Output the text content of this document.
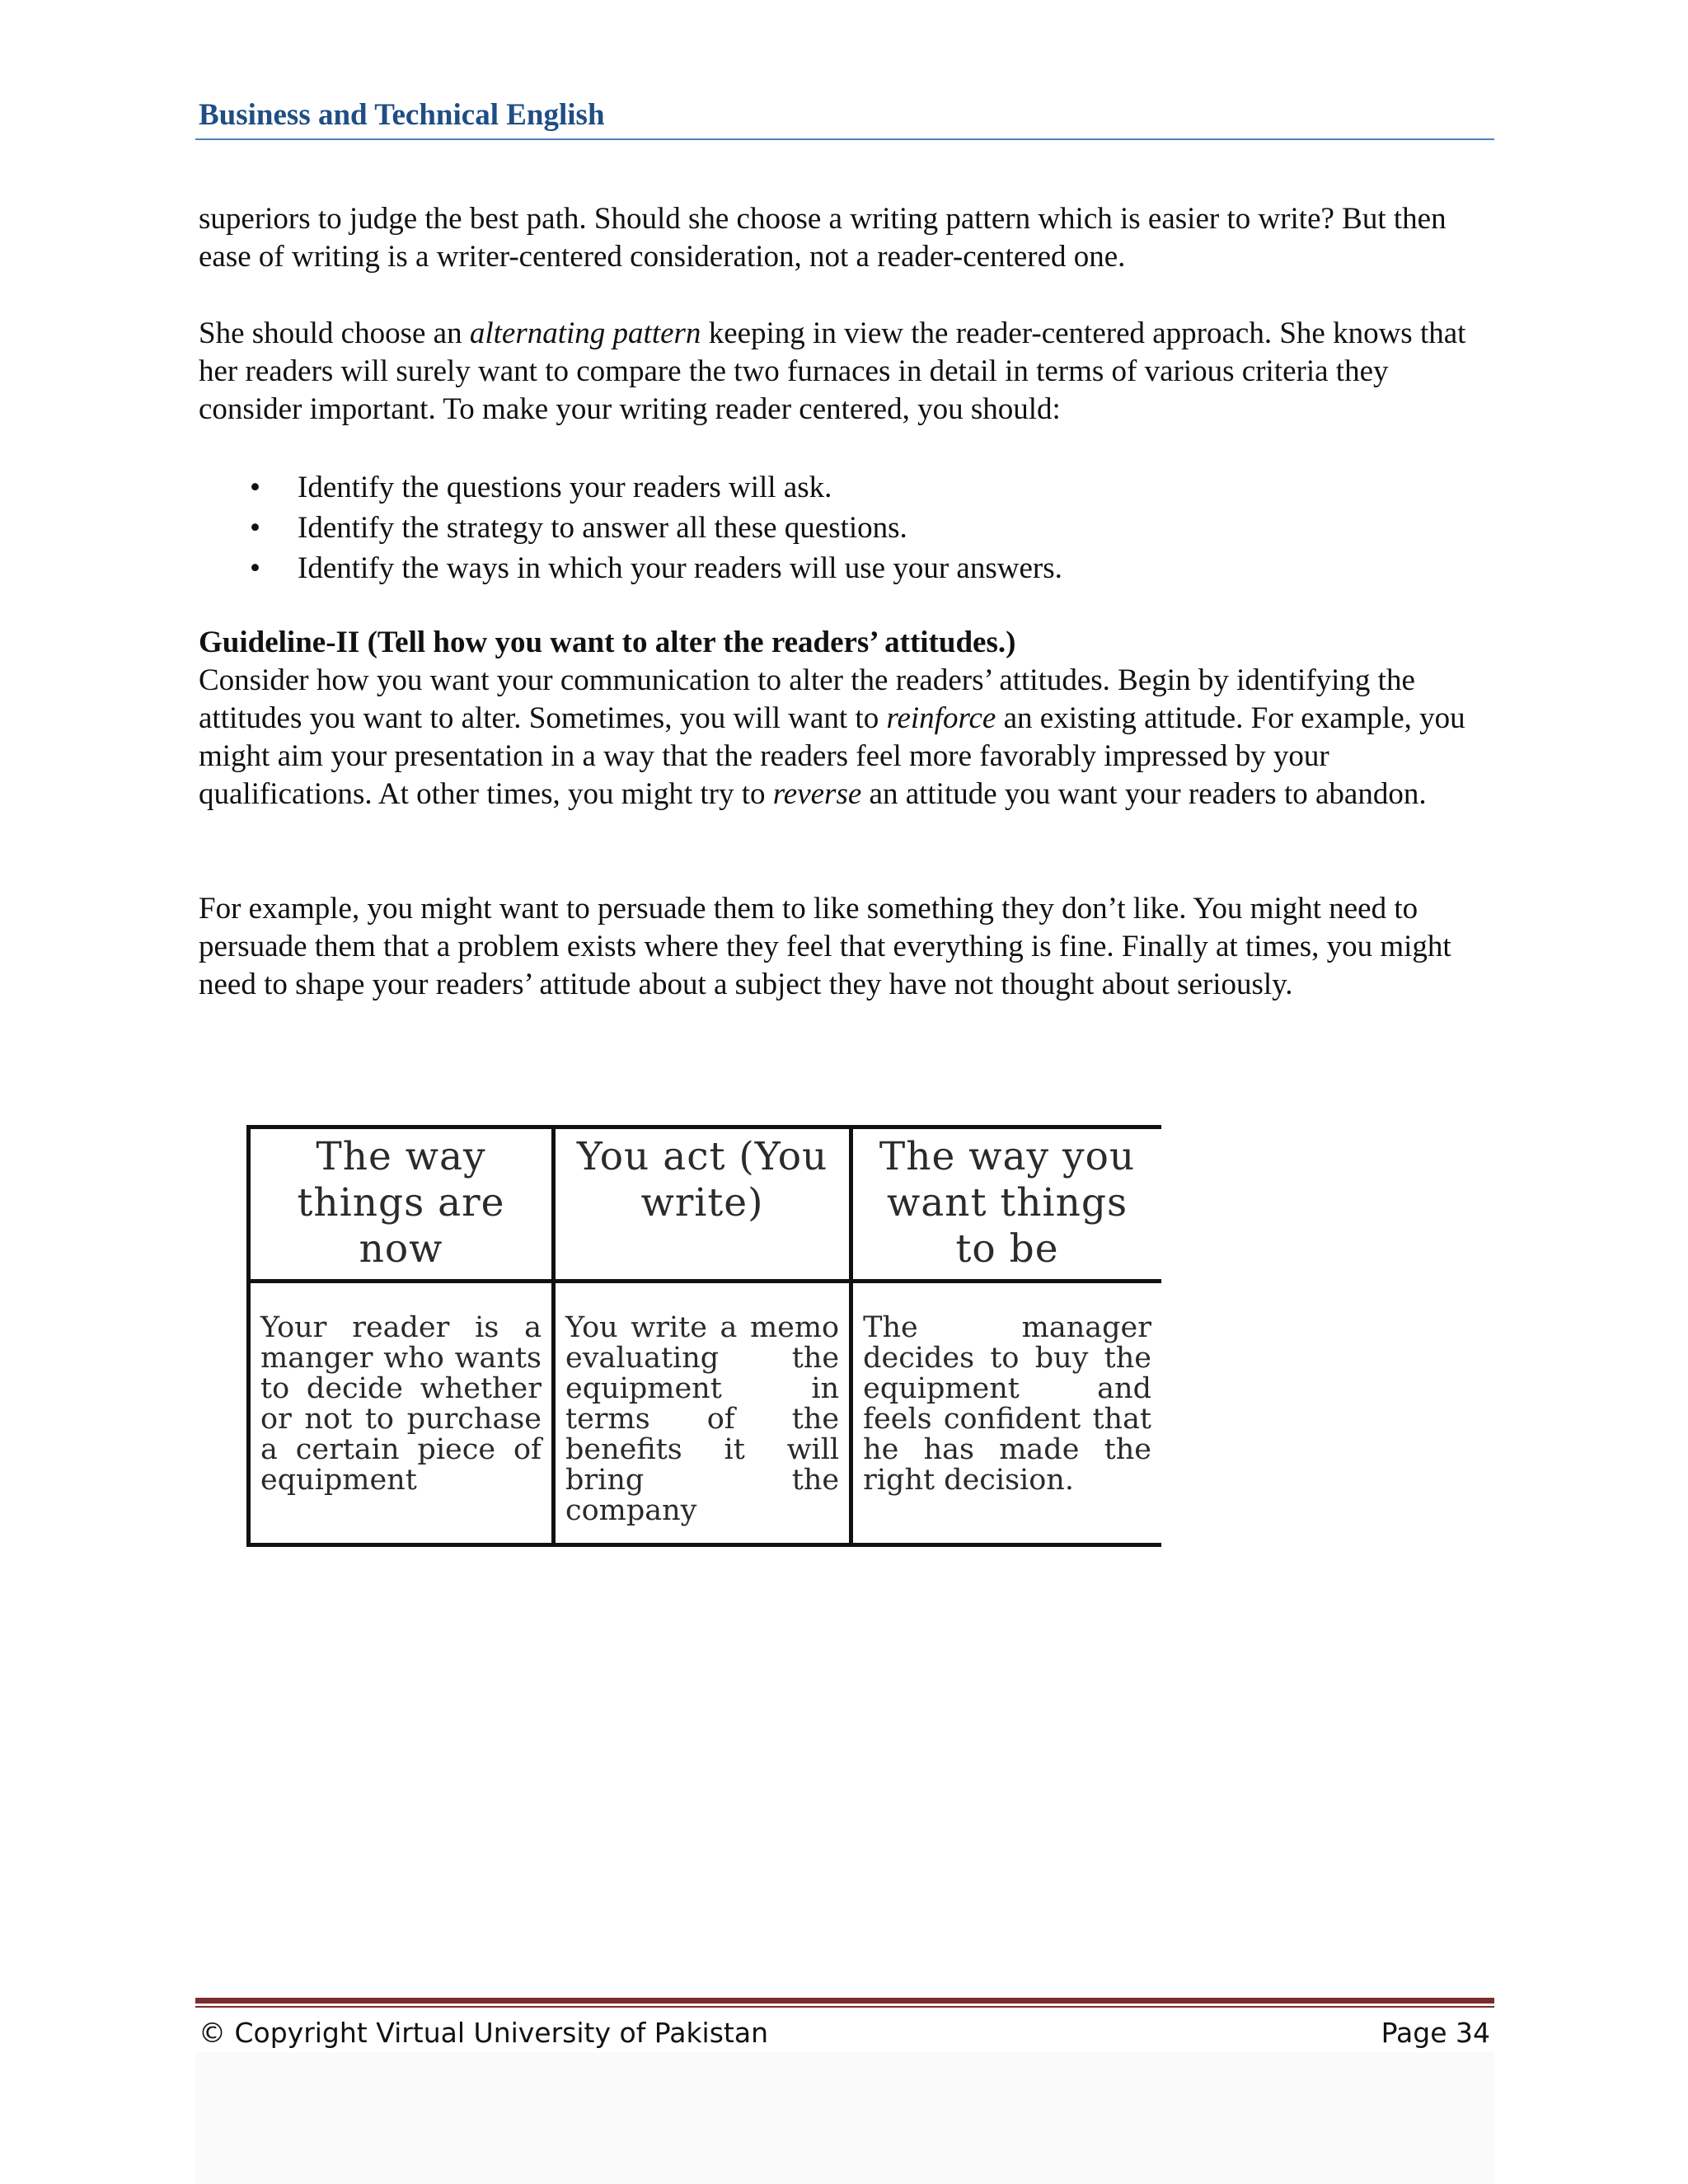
Business and Technical English

superiors to judge the best path. Should she choose a writing pattern which is easier to write? But then ease of writing is a writer-centered consideration, not a reader-centered one.

She should choose an alternating pattern keeping in view the reader-centered approach. She knows that her readers will surely want to compare the two furnaces in detail in terms of various criteria they consider important. To make your writing reader centered, you should:

• Identify the questions your readers will ask.
• Identify the strategy to answer all these questions.
• Identify the ways in which your readers will use your answers.
Guideline-II (Tell how you want to alter the readers’ attitudes.)

Consider how you want your communication to alter the readers’ attitudes. Begin by identifying the attitudes you want to alter. Sometimes, you will want to reinforce an existing attitude. For example, you might aim your presentation in a way that the readers feel more favorably impressed by your qualifications. At other times, you might try to reverse an attitude you want your readers to abandon.

For example, you might want to persuade them to like something they don’t like. You might need to persuade them that a problem exists where they feel that everything is fine. Finally at times, you might need to shape your readers’ attitude about a subject they have not thought about seriously.

The way things are now	You act (You write)	The way you want things to be
Your reader is a manger who wants to decide whether or not to purchase a certain piece of equipment	You write a memo evaluating the equipment in terms of the benefits it will bring the company	The manager decides to buy the equipment and feels confident that he has made the right decision.
© Copyright Virtual University of Pakistan	Page 34
